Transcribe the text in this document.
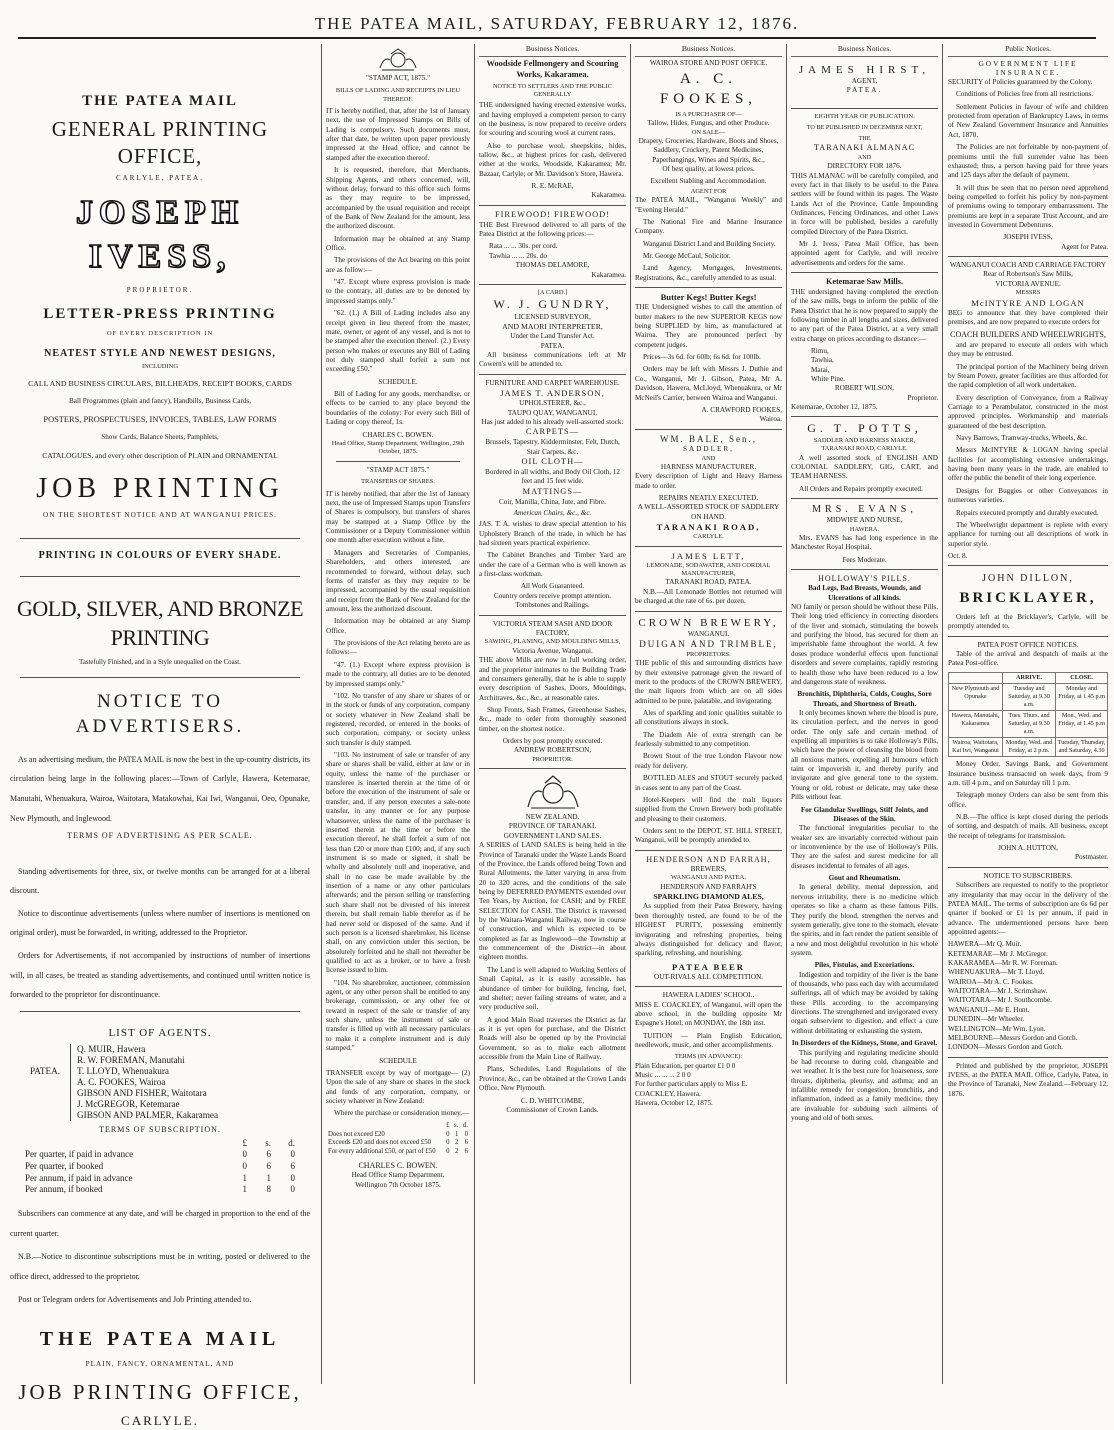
THE PATEA MAIL, SATURDAY, FEBRUARY 12, 1876.
THE PATEA MAIL
GENERAL PRINTING OFFICE,
CARLYLE, PATEA.
JOSEPH IVESS,
PROPRIETOR.
LETTER-PRESS PRINTING
OF EVERY DESCRIPTION IN
NEATEST STYLE AND NEWEST DESIGNS,
INCLUDING
CALL AND BUSINESS CIRCULARS, BILLHEADS, RECEIPT BOOKS, CARDS
Ball Programmes (plain and fancy), Handbills, Business Cards,
POSTERS, PROSPECTUSES, INVOICES, TABLES, LAW FORMS
Show Cards, Balance Sheets, Pamphlets,
CATALOGUES, and every other description of PLAIN and ORNAMENTAL
JOB PRINTING
ON THE SHORTEST NOTICE AND AT WANGANUI PRICES.
PRINTING IN COLOURS OF EVERY SHADE.
GOLD, SILVER, AND BRONZE PRINTING
Tastefully Finished, and in a Style unequalled on the Coast.
NOTICE TO ADVERTISERS.

As an advertising medium, the PATEA MAIL is now the best in the up-country districts, its circulation being large in the following places:—Town of Carlyle, Hawera, Ketemarae, Manutahi, Whenuakura, Wairoa, Waitotara, Matakowhai, Kai Iwi, Wanganui, Oeo, Opunake, New Plymouth, and Inglewood.

TERMS OF ADVERTISING AS PER SCALE.

Standing advertisements for three, six, or twelve months can be arranged for at a liberal discount.

Notice to discontinue advertisements (unless where number of insertions is mentioned on original order), must be forwarded, in writing, addressed to the Proprietor.

Orders for Advertisements, if not accompanied by instructions of number of insertions will, in all cases, be treated as standing advertisements, and continued until written notice is forwarded to the proprietor for discontinuance.

LIST OF AGENTS.
PATEA.
Q. MUIR, Hawera
R. W. FOREMAN, Manutahi
T. LLOYD, Whenuakura
A. C. FOOKES, Wairoa
GIBSON AND FISHER, Waitotara
J. McGREGOR, Ketemarae
GIBSON AND PALMER, Kakaramea
TERMS OF SUBSCRIPTION.
	£	s.	d.
Per quarter, if paid in advance	0	6	0
Per quarter, if booked	0	6	6
Per annum, if paid in advance	1	1	0
Per annum, if booked	1	8	0

Subscribers can commence at any date, and will be charged in proportion to the end of the current quarter.

N.B.—Notice to discontinue subscriptions must be in writing, posted or delivered to the office direct, addressed to the proprietor.

Post or Telegram orders for Advertisements and Job Printing attended to.

THE PATEA MAIL
PLAIN, FANCY, ORNAMENTAL, AND
JOB PRINTING OFFICE,
CARLYLE.
"STAMP ACT, 1875."
BILLS OF LADING AND RECEIPTS IN LIEU THEREOF.

IT is hereby notified, that, after the 1st of January next, the use of Impressed Stamps on Bills of Lading is compulsory. Such documents must, after that date, be written upon paper previously impressed at the Head office, and cannot be stamped after the execution thereof.

It is requested, therefore, that Merchants, Shipping Agents, and others concerned, will, without delay, forward to this office such forms as they may require to be impressed, accompanied by the usual requisition and receipt of the Bank of New Zealand for the amount, less the authorized discount.

Information may be obtained at any Stamp Office.

The provisions of the Act bearing on this point are as follow:—

"47. Except where express provision is made to the contrary, all duties are to be denoted by impressed stamps only."

"62. (1.) A Bill of Lading includes also any receipt given in lieu thereof from the master, mate, owner, or agent of any vessel, and is not to be stamped after the execution thereof. (2.) Every person who makes or executes any Bill of Lading not duly stamped shall forfeit a sum not exceeding £50."

SCHEDULE.

Bill of Lading for any goods, merchandise, or effects to be carried to any place beyond the boundaries of the colony: For every such Bill of Lading or copy thereof, 1s.

CHARLES C. BOWEN.
Head Office, Stamp Department, Wellington, 29th October, 1875.
"STAMP ACT 1875."
TRANSFERS OF SHARES.

IT is hereby notified, that after the 1st of January next, the use of Impressed Stamps upon Transfers of Shares is compulsory, but transfers of shares may be stamped at a Stamp Office by the Commissioner or a Deputy Commissioner within one month after execution without a fine.

Managers and Secretaries of Companies, Shareholders, and others interested, are recommended to forward, without delay, such forms of transfer as they may require to be impressed, accompanied by the usual requisition and receipt from the Bank of New Zealand for the amount, less the authorized discount.

Information may be obtained at any Stamp Office.

The provisions of the Act relating hereto are as follows:—

"47. (1.) Except where express provision is made to the contrary, all duties are to be denoted by impressed stamps only."

"102. No transfer of any share or shares of or in the stock or funds of any corporation, company or society whatever in New Zealand shall be registered, recorded, or entered in the books of such corporation, company, or society unless such transfer is duly stamped.

"103. No instrument of sale or transfer of any share or shares shall be valid, either at law or in equity, unless the name of the purchaser or transferee is inserted therein at the time of or before the execution of the instrument of sale or transfer; and, if any person executes a sale-note transfer, in any manner or for any purpose whatsoever, unless the name of the purchaser is inserted therein at the time or before the execution thereof, he shall forfeit a sum of not less than £20 or more than £100; and, if any such instrument is so made or signed, it shall be wholly and absolutely null and inoperative, and shall in no case be made available by the insertion of a name or any other particulars afterwards; and the person selling or transferring such share shall not be divested of his interest therein, but shall remain liable therefor as if he had never sold or disposed of the same. And if such person is a licensed sharebroker, his license shall, on any conviction under this section, be absolutely forfeited and he shall not thereafter be qualified to act as a broker, or to have a fresh license issued to him.

"104. No sharebroker, auctioneer, commission agent, or any other person shall be entitled to any brokerage, commission, or any other fee or reward in respect of the sale or transfer of any such share, unless the instrument of sale or transfer is filled up with all necessary particulars to make it a complete instrument and is duly stamped."

SCHEDULE

TRANSFER except by way of mortgage— (2) Upon the sale of any share or shares in the stock and funds of any corporation, company, or society whatever in New Zealand:

Where the purchase or consideration money,—

	£	s.	d.
Does not exceed £20	0	1	0
Exceeds £20 and does not exceed £50	0	2	6
For every additional £50, or part of £50	0	2	6
CHARLES C. BOWEN.
Head Office Stamp Department,
Wellington 7th October 1875.
Business Notices.
Woodside Fellmongery and Scouring Works, Kakaramea.
NOTICE TO SETTLERS AND THE PUBLIC GENERALLY

THE undersigned having erected extensive works, and having employed a competent person to carry on the business, is now prepared to receive orders for scouring and scouring wool at current rates.

Also to purchase wool, sheepskins, hides, tallow, &c., at highest prices for cash, delivered either at the works, Woodside, Kakaramea; Mr. Bazaar, Carlyle; or Mr. Davidson's Store, Hawera.

R. E. McRAE,
Kakaramea.
FIREWOOD! FIREWOOD!

THE Best Firewood delivered to all parts of the Patea District at the following prices:—

Rata ... ... 30s. per cord.
Tawhia ... ... 20s. do
THOMAS DELAMORE,
Kakaramea.
[A CARD.]
W. J. GUNDRY,
LICENSED SURVEYOR,
AND MAORI INTERPRETER,
Under the Land Transfer Act.
PATEA.

All business communications left at Mr Cowern's will be attended to.

FURNITURE AND CARPET WAREHOUSE.
JAMES T. ANDERSON,
UPHOLSTERER, &c.,
TAUPO QUAY, WANGANUI,
Has just added to his already well-assorted stock:
CARPETS—
Brussels, Tapestry, Kidderminster, Felt, Dutch, Stair Carpets, &c.
OIL CLOTH—
Bordered in all widths, and Body Oil Cloth, 12 feet and 15 feet wide.
MATTINGS—
Coir, Manilla, China, Jute, and Fibre.
American Chairs, &c., &c.

JAS. T. A. wishes to draw special attention to his Upholstery Branch of the trade, in which he has had sixteen years practical experience.

The Cabinet Branches and Timber Yard are under the care of a German who is well known as a first-class workman.

All Work Guaranteed.
Country orders receive prompt attention.
Tombstones and Railings.
VICTORIA STEAM SASH AND DOOR FACTORY,
SAWING, PLANING, AND MOULDING MILLS,
Victoria Avenue, Wanganui.

THE above Mills are now in full working order, and the proprietor intimates to the Building Trade and consumers generally, that he is able to supply every description of Sashes, Doors, Mouldings, Architraves, &c., &c., at reasonable rates.

Shop Fronts, Sash Frames, Greenhouse Sashes, &c., made to order from thoroughly seasoned timber, on the shortest notice.

Orders by post promptly executed.
ANDREW ROBERTSON,
PROPRIETOR.
NEW ZEALAND.
PROVINCE OF TARANAKI.
GOVERNMENT LAND SALES.

A SERIES of LAND SALES is being held in the Province of Taranaki under the Waste Lands Board of the Province, the Lands offered being Town and Rural Allotments, the latter varying in area from 20 to 320 acres, and the conditions of the sale being by DEFERRED PAYMENTS extended over Ten Years, by Auction, for CASH; and by FREE SELECTION for CASH. The District is traversed by the Waitara-Wanganui Railway, now in course of construction, and which is expected to be completed as far as Inglewood—the Township at the commencement of the District—in about eighteen months.

The Land is well adapted to Working Settlers of Small Capital, as it is easily accessible, has abundance of timber for building, fencing, fuel, and shelter; never failing streams of water, and a very productive soil.

A good Main Road traverses the District as far as it is yet open for purchase, and the District Roads will also be opened up by the Provincial Government, so as to make each allotment accessible from the Main Line of Railway.

Plans, Schedules, Land Regulations of the Province, &c., can be obtained at the Crown Lands Office, New Plymouth.

C. D. WHITCOMBE,
Commissioner of Crown Lands.
Business Notices.
WAIROA STORE AND POST OFFICE.
A. C. FOOKES,
IS A PURCHASER OF—
Tallow, Hides, Fungus, and other Produce.
ON SALE—
Drapery, Groceries, Hardware, Boots and Shoes, Saddlery, Crockery, Patent Medicines, Paperhangings, Wines and Spirits, &c.,
Of best quality, at lowest prices.
Excellent Stabling and Accommodation.
AGENT FOR

The PATEA MAIL, "Wanganui Weekly" and "Evening Herald."

The National Fire and Marine Insurance Company.

Wanganui District Land and Building Society.

Mr. George McCaul, Solicitor.

Land Agency, Mortgages, Investments, Registrations, &c., carefully attended to as usual.

Butter Kegs! Butter Kegs!

THE Undersigned wishes to call the attention of butter makers to the new SUPERIOR KEGS now being SUPPLIED by him, as manufactured at Wairoa. They are pronounced perfect by competent judges.

Prices—3s 6d. for 60lb; 6s 6d. for 100lb.

Orders may be left with Messrs J. Duthie and Co., Wanganui, Mr J. Gibson, Patea, Mr A. Davidson, Hawera, McLloyd, Whenuakura, or Mr McNeil's Carrier, between Wairoa and Wanganui.

A. CRAWFORD FOOKES,
Wairoa.
WM. BALE, Sen.,
SADDLER,
AND
HARNESS MANUFACTURER.

Every description of Light and Heavy Harness made to order.

REPAIRS NEATLY EXECUTED.
A WELL-ASSORTED STOCK OF SADDLERY ON HAND.
TARANAKI ROAD,
CARLYLE.
JAMES LETT,
LEMONADE, SODAWATER, AND CORDIAL MANUFACTURER,
TARANAKI ROAD, PATEA.

N.B.—All Lemonade Bottles not returned will be charged at the rate of 6s. per dozen.

CROWN BREWERY,
WANGANUI.
DUIGAN AND TRIMBLE,
PROPRIETORS.

THE public of this and surrounding districts have by their extensive patronage given the reward of merit to the products of the CROWN BREWERY, the malt liquors from which are on all sides admitted to be pure, palatable, and invigorating.

Ales of sparkling and tonic qualities suitable to all constitutions always in stock.

The Diadem Ale of extra strength can be fearlessly submitted to any competition.

Brown Stout of the true London Flavour now ready for delivery.

BOTTLED ALES and STOUT securely packed in cases sent to any part of the Coast.

Hotel-Keepers will find the malt liquors supplied from the Crown Brewery both profitable and pleasing to their customers.

Orders sent to the DEPOT, ST. HILL STREET, Wanganui, will be promptly attended to.

HENDERSON AND FARRAH,
BREWERS,
WANGANUI AND PATEA.
HENDERSON AND FARRAH'S
SPARKLING DIAMOND ALES,

As supplied from their Patea Brewery, having been thoroughly tested, are found to be of the HIGHEST PURITY, possessing eminently invigorating and refreshing properties, being always distinguished for delicacy and flavor, sparkling, refreshing, and nourishing.

PATEA BEER
OUT-RIVALS ALL COMPETITION.
HAWERA LADIES' SCHOOL.

MISS E. COACKLEY, of Wanganui, will open the above school, in the building opposite Mr Espagne's Hotel, on MONDAY, the 18th inst.

TUITION — Plain English Education, needlework, music, and other accomplishments.

TERMS (IN ADVANCE):
Plain Education, per quarter £1 0 0
Music ... ... ... 2 0 0
For further particulars apply to Miss E. COACKLEY, Hawera.
Hawera, October 12, 1875.
Business Notices.
JAMES HIRST,
AGENT,
PATEA.
EIGHTH YEAR OF PUBLICATION.
TO BE PUBLISHED IN DECEMBER NEXT,
THE
TARANAKI ALMANAC
AND
DIRECTORY FOR 1876.

THIS ALMANAC will be carefully compiled, and every fact in that likely to be useful to the Patea settlers will be found within its pages. The Waste Lands Act of the Province, Cattle Impounding Ordinances, Fencing Ordinances, and other Laws in force will be published, besides a carefully compiled Directory of the Patea District.

Mr J. Ivess, Patea Mail Office, has been appointed agent for Carlyle, and will receive advertisements and orders for the same.

Ketemarae Saw Mills.

THE undersigned having completed the erection of the saw mills, begs to inform the public of the Patea District that he is now prepared to supply the following timber in all lengths and sizes, delivered to any part of the Patea District, at a very small extra charge on prices according to distance:—

Rimu,
Tawhia,
Matai,
White Pine.
ROBERT WILSON,
Proprietor.
Ketemarae, October 12, 1875.
G. T. POTTS,
SADDLER AND HARNESS MAKER,
TARANAKI ROAD, CARLYLE.

A well assorted stock of ENGLISH AND COLONIAL SADDLERY, GIG, CART, and TEAM HARNESS.

All Orders and Repairs promptly executed.

MRS. EVANS,
MIDWIFE AND NURSE,
HAWERA.

Mrs. EVANS has had long experience in the Manchester Royal Hospital.

Fees Moderate.
HOLLOWAY'S PILLS.
Bad Legs, Bad Breasts, Wounds, and Ulcerations of all kinds.

NO family or person should be without these Pills. Their long tried efficiency in correcting disorders of the liver and stomach, stimulating the bowels and purifying the blood, has secured for them an imperishable fame throughout the world. A few doses produce wonderful effects upon functional disorders and severe complaints, rapidly restoring to health those who have been reduced to a low and dangerous state of weakness.

Bronchitis, Diphtheria, Colds, Coughs, Sore Throats, and Shortness of Breath.

It only becomes known where the blood is pure, its circulation perfect, and the nerves in good order. The only safe and certain method of expelling all impurities is to take Holloway's Pills, which have the power of cleansing the blood from all noxious matters, expelling all humours which taint or impoverish it, and thereby purify and invigorate and give general tone to the system. Young or old, robust or delicate, may take these Pills without fear.

For Glandular Swellings, Stiff Joints, and Diseases of the Skin.

The functional irregularities peculiar to the weaker sex are invariably corrected without pain or inconvenience by the use of Holloway's Pills. They are the safest and surest medicine for all diseases incidental to females of all ages.

Gout and Rheumatism.

In general debility, mental depression, and nervous irritability, there is no medicine which operates so like a charm as these famous Pills. They purify the blood, strengthen the nerves and system generally, give tone to the stomach, elevate the spirits, and in fact render the patient sensible of a new and most delightful revolution in his whole system.

Piles, Fistulas, and Excoriations.

Indigestion and torpidity of the liver is the bane of thousands, who pass each day with accumulated sufferings, all of which may be avoided by taking these Pills according to the accompanying directions. The strengthened and invigorated every organ subservient to digestion, and effect a cure without debilitating or exhausting the system.

In Disorders of the Kidneys, Stone, and Gravel.

This purifying and regulating medicine should be had recourse to during cold, changeable and wet weather. It is the best cure for hoarseness, sore throats, diphtheria, pleurisy, and asthma; and an infallible remedy for congestion, bronchitis, and inflammation, indeed as a family medicine, they are invaluable for subduing such ailments of young and old of both sexes.

Public Notices.
GOVERNMENT LIFE INSURANCE.

SECURITY of Policies guaranteed by the Colony.

Conditions of Policies free from all restrictions.

Settlement Policies in favour of wife and children protected from operation of Bankruptcy Laws, in terms of New Zealand Government Insurance and Annuities Act, 1870.

The Policies are not forfeitable by non-payment of premiums until the full surrender value has been exhausted; thus, a person having paid for three years and 125 days after the default of payment.

It will thus be seen that no person need apprehend being compelled to forfeit his policy by non-payment of premiums owing to temporary embarrassment. The premiums are kept in a separate Trust Account, and are invested in Government Debentures.

JOSEPH IVESS,
Agent for Patea.
WANGANUI COACH AND CARRIAGE FACTORY
Rear of Robertson's Saw Mills,
VICTORIA AVENUE.
MESSRS
McINTYRE AND LOGAN

BEG to announce that they have completed their premises, and are now prepared to execute orders for

COACH BUILDERS AND WHEELWRIGHTS,

and are prepared to execute all orders with which they may be entrusted.

The principal portion of the Machinery being driven by Steam Power, greater facilities are thus afforded for the rapid completion of all work undertaken.

Every description of Conveyance, from a Railway Carriage to a Perambulator, constructed in the most approved principles. Workmanship and materials guaranteed of the best description.

Navy Barrows, Tramway-trucks, Wheels, &c.

Messrs McINTYRE & LOGAN having special facilities for accomplishing extensive undertakings, having been many years in the trade, are enabled to offer the public the benefit of their long experience.

Designs for Buggies or other Conveyances in numerous varieties.

Repairs executed promptly and durably executed.

The Wheelwright department is replete with every appliance for turning out all descriptions of work in superior style.

Oct. 8.
JOHN DILLON,
BRICKLAYER,

Orders left at the Bricklayer's, Carlyle, will be promptly attended to.

PATEA POST OFFICE NOTICES.

Table of the arrival and despatch of mails at the Patea Post-office.

	ARRIVE.	CLOSE.
New Plymouth and Opunake	Tuesday and Saturday, at 9.30 a.m.	Monday and Friday, at 1.45 p.m
Hawera, Manutahi, Kakaramea	Tues. Thurs. and Saturday, at 9.30 a.m.	Mon., Wed. and Friday, at 1.45 p.m
Wairoa, Waitotara, Kai Iwi, Wanganui	Monday, Wed. and Friday, at 2 p.m.	Tuesday, Thursday, and Saturday, 4.30

Money Order, Savings Bank, and Government Insurance business transacted on week days, from 9 a.m. till 4 p.m., and on Saturday till 1 p.m.

Telegraph money Orders can also be sent from this office.

N.B.—The office is kept closed during the periods of sorting, and despatch of mails. All business, except the receipt of telegrams for transmission.

JOHN A. HUTTON,
Postmaster.
NOTICE TO SUBSCRIBERS.

Subscribers are requested to notify to the proprietor any irregularity that may occur in the delivery of the PATEA MAIL. The terms of subscription are 6s 6d per quarter if booked or £1 1s per annum, if paid in advance. The undermentioned persons have been appointed agents:—

HAWERA—Mr Q. Muir.
KETEMARAE—Mr J. McGregor.
KAKARAMEA—Mr R. W. Foreman.
WHENUAKURA—Mr T. Lloyd.
WAIROA—Mr A. C. Fookes.
WAITOTARA—Mr J. Scrimshaw.
WAITOTARA—Mr J. Southcombe.
WANGANUI—Mr E. Hunt.
DUNEDIN—Mr Wheeler.
WELLINGTON—Mr Wm. Lyon.
MELBOURNE—Messrs Gordon and Gotch.
LONDON—Messrs Gordon and Gotch.

Printed and published by the proprietor, JOSEPH IVESS, at the PATEA MAIL Office, Carlyle, Patea, in the Province of Taranaki, New Zealand.—February 12, 1876.
